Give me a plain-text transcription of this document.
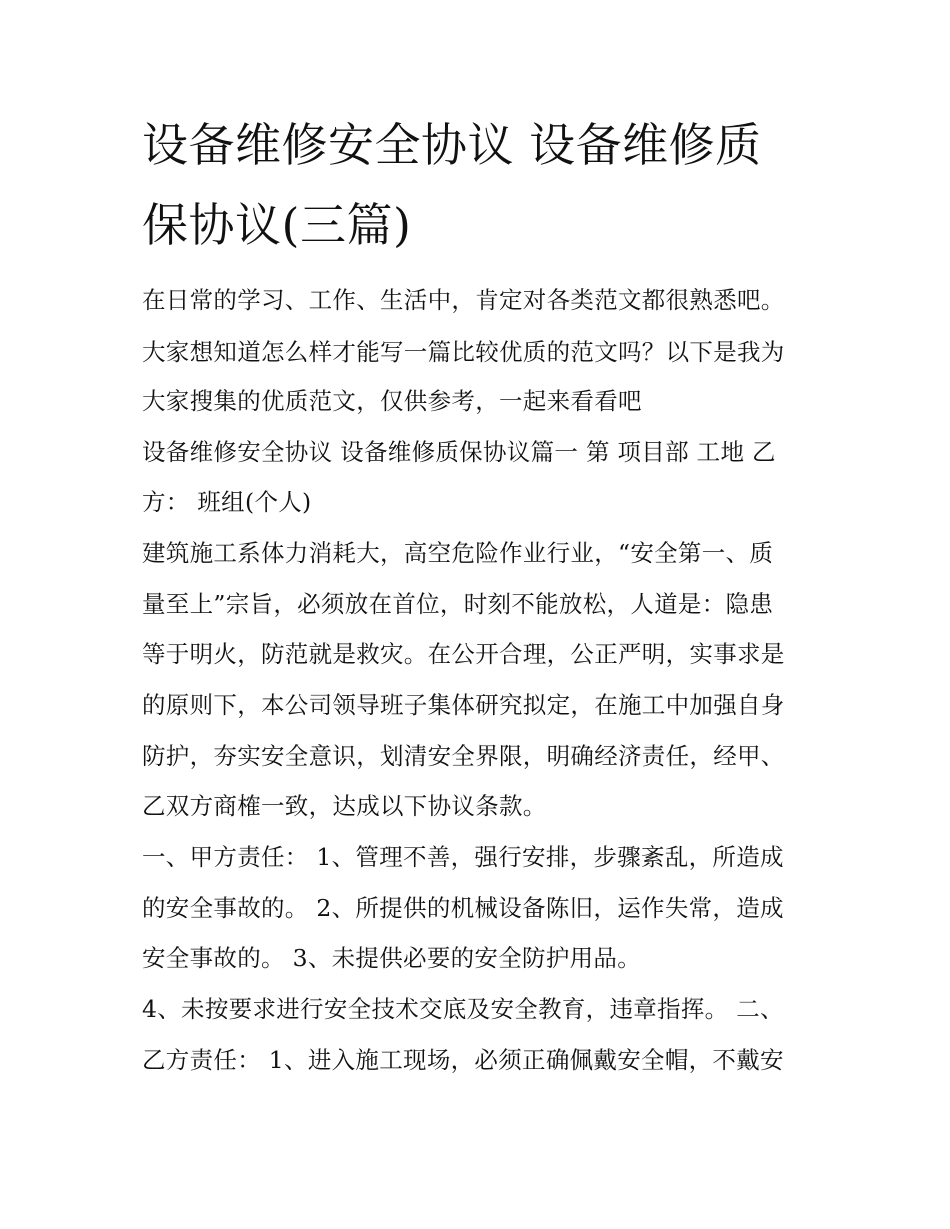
设备维修安全协议 设备维修质
保协议(三篇)
在日常的学习、工作、生活中，肯定对各类范文都很熟悉吧。
大家想知道怎么样才能写一篇比较优质的范文吗？以下是我为
大家搜集的优质范文，仅供参考，一起来看看吧
设备维修安全协议 设备维修质保协议篇一 第 项目部 工地 乙
方： 班组(个人)
建筑施工系体力消耗大，高空危险作业行业，“安全第一、质
量至上”宗旨，必须放在首位，时刻不能放松，人道是：隐患
等于明火，防范就是救灾。在公开合理，公正严明，实事求是
的原则下，本公司领导班子集体研究拟定，在施工中加强自身
防护，夯实安全意识，划清安全界限，明确经济责任，经甲、
乙双方商榷一致，达成以下协议条款。
一、甲方责任： 1、管理不善，强行安排，步骤紊乱，所造成
的安全事故的。 2、所提供的机械设备陈旧，运作失常，造成
安全事故的。 3、未提供必要的安全防护用品。
4、未按要求进行安全技术交底及安全教育，违章指挥。 二、
乙方责任： 1、进入施工现场，必须正确佩戴安全帽，不戴安
